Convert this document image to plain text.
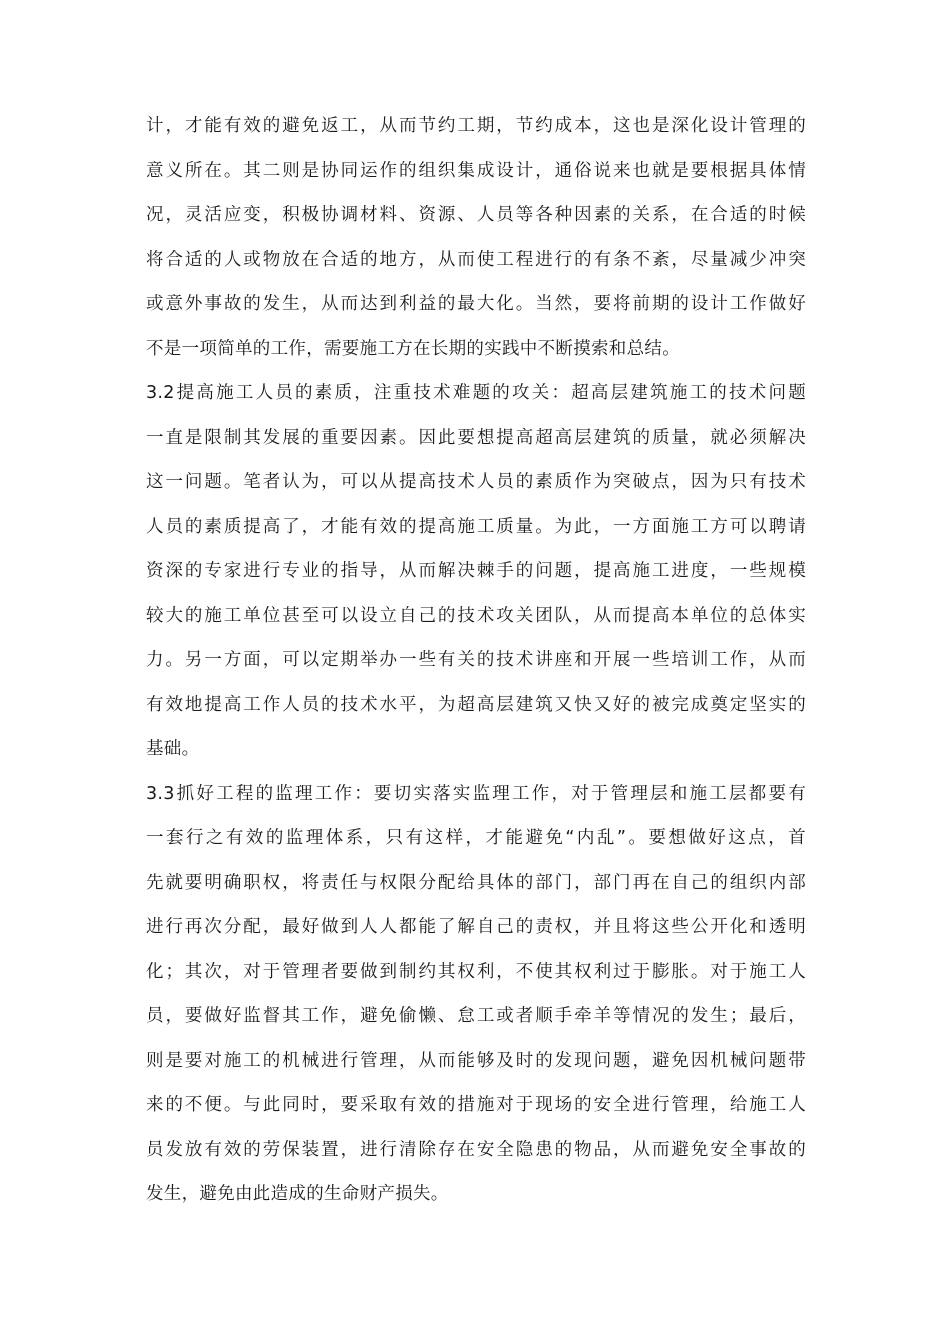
计，才能有效的避免返工，从而节约工期，节约成本，这也是深化设计管理的
意义所在。其二则是协同运作的组织集成设计，通俗说来也就是要根据具体情
况，灵活应变，积极协调材料、资源、人员等各种因素的关系，在合适的时候
将合适的人或物放在合适的地方，从而使工程进行的有条不紊，尽量减少冲突
或意外事故的发生，从而达到利益的最大化。当然，要将前期的设计工作做好
不是一项简单的工作，需要施工方在长期的实践中不断摸索和总结。
3.2提高施工人员的素质，注重技术难题的攻关：超高层建筑施工的技术问题
一直是限制其发展的重要因素。因此要想提高超高层建筑的质量，就必须解决
这一问题。笔者认为，可以从提高技术人员的素质作为突破点，因为只有技术
人员的素质提高了，才能有效的提高施工质量。为此，一方面施工方可以聘请
资深的专家进行专业的指导，从而解决棘手的问题，提高施工进度，一些规模
较大的施工单位甚至可以设立自己的技术攻关团队，从而提高本单位的总体实
力。另一方面，可以定期举办一些有关的技术讲座和开展一些培训工作，从而
有效地提高工作人员的技术水平，为超高层建筑又快又好的被完成奠定坚实的
基础。
3.3抓好工程的监理工作：要切实落实监理工作，对于管理层和施工层都要有
一套行之有效的监理体系，只有这样，才能避免“内乱”。要想做好这点，首
先就要明确职权，将责任与权限分配给具体的部门，部门再在自己的组织内部
进行再次分配，最好做到人人都能了解自己的责权，并且将这些公开化和透明
化；其次，对于管理者要做到制约其权利，不使其权利过于膨胀。对于施工人
员，要做好监督其工作，避免偷懒、怠工或者顺手牵羊等情况的发生；最后，
则是要对施工的机械进行管理，从而能够及时的发现问题，避免因机械问题带
来的不便。与此同时，要采取有效的措施对于现场的安全进行管理，给施工人
员发放有效的劳保装置，进行清除存在安全隐患的物品，从而避免安全事故的
发生，避免由此造成的生命财产损失。
